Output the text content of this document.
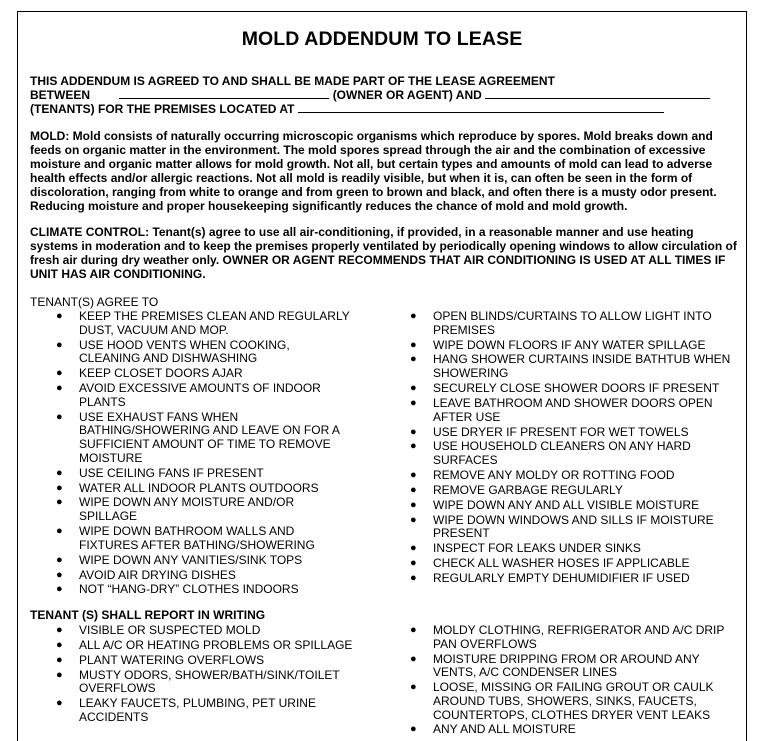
MOLD ADDENDUM TO LEASE
THIS ADDENDUM IS AGREED TO AND SHALL BE MADE PART OF THE LEASE AGREEMENT
BETWEEN	(OWNER OR AGENT) AND
(TENANTS) FOR THE PREMISES LOCATED AT
MOLD: Mold consists of naturally occurring microscopic organisms which reproduce by spores. Mold breaks down and feeds on organic matter in the environment. The mold spores spread through the air and the combination of excessive moisture and organic matter allows for mold growth. Not all, but certain types and amounts of mold can lead to adverse health effects and/or allergic reactions. Not all mold is readily visible, but when it is, can often be seen in the form of discoloration, ranging from white to orange and from green to brown and black, and often there is a musty odor present. Reducing moisture and proper housekeeping significantly reduces the chance of mold and mold growth.
CLIMATE CONTROL: Tenant(s) agree to use all air-conditioning, if provided, in a reasonable manner and use heating systems in moderation and to keep the premises properly ventilated by periodically opening windows to allow circulation of fresh air during dry weather only. OWNER OR AGENT RECOMMENDS THAT AIR CONDITIONING IS USED AT ALL TIMES IF UNIT HAS AIR CONDITIONING.
TENANT(S) AGREE TO
● KEEP THE PREMISES CLEAN AND REGULARLY DUST, VACUUM AND MOP.
● USE HOOD VENTS WHEN COOKING, CLEANING AND DISHWASHING
● KEEP CLOSET DOORS AJAR
● AVOID EXCESSIVE AMOUNTS OF INDOOR PLANTS
● USE EXHAUST FANS WHEN BATHING/SHOWERING AND LEAVE ON FOR A SUFFICIENT AMOUNT OF TIME TO REMOVE MOISTURE
● USE CEILING FANS IF PRESENT
● WATER ALL INDOOR PLANTS OUTDOORS
● WIPE DOWN ANY MOISTURE AND/OR SPILLAGE
● WIPE DOWN BATHROOM WALLS AND FIXTURES AFTER BATHING/SHOWERING
● WIPE DOWN ANY VANITIES/SINK TOPS
● AVOID AIR DRYING DISHES
● NOT “HANG-DRY” CLOTHES INDOORS
● OPEN BLINDS/CURTAINS TO ALLOW LIGHT INTO PREMISES
● WIPE DOWN FLOORS IF ANY WATER SPILLAGE
● HANG SHOWER CURTAINS INSIDE BATHTUB WHEN SHOWERING
● SECURELY CLOSE SHOWER DOORS IF PRESENT
● LEAVE BATHROOM AND SHOWER DOORS OPEN AFTER USE
● USE DRYER IF PRESENT FOR WET TOWELS
● USE HOUSEHOLD CLEANERS ON ANY HARD SURFACES
● REMOVE ANY MOLDY OR ROTTING FOOD
● REMOVE GARBAGE REGULARLY
● WIPE DOWN ANY AND ALL VISIBLE MOISTURE
● WIPE DOWN WINDOWS AND SILLS IF MOISTURE PRESENT
● INSPECT FOR LEAKS UNDER SINKS
● CHECK ALL WASHER HOSES IF APPLICABLE
● REGULARLY EMPTY DEHUMIDIFIER IF USED
TENANT (S) SHALL REPORT IN WRITING
● VISIBLE OR SUSPECTED MOLD
● ALL A/C OR HEATING PROBLEMS OR SPILLAGE
● PLANT WATERING OVERFLOWS
● MUSTY ODORS, SHOWER/BATH/SINK/TOILET OVERFLOWS
● LEAKY FAUCETS, PLUMBING, PET URINE ACCIDENTS
● MOLDY CLOTHING, REFRIGERATOR AND A/C DRIP PAN OVERFLOWS
● MOISTURE DRIPPING FROM OR AROUND ANY VENTS, A/C CONDENSER LINES
● LOOSE, MISSING OR FAILING GROUT OR CAULK AROUND TUBS, SHOWERS, SINKS, FAUCETS, COUNTERTOPS, CLOTHES DRYER VENT LEAKS
● ANY AND ALL MOISTURE
